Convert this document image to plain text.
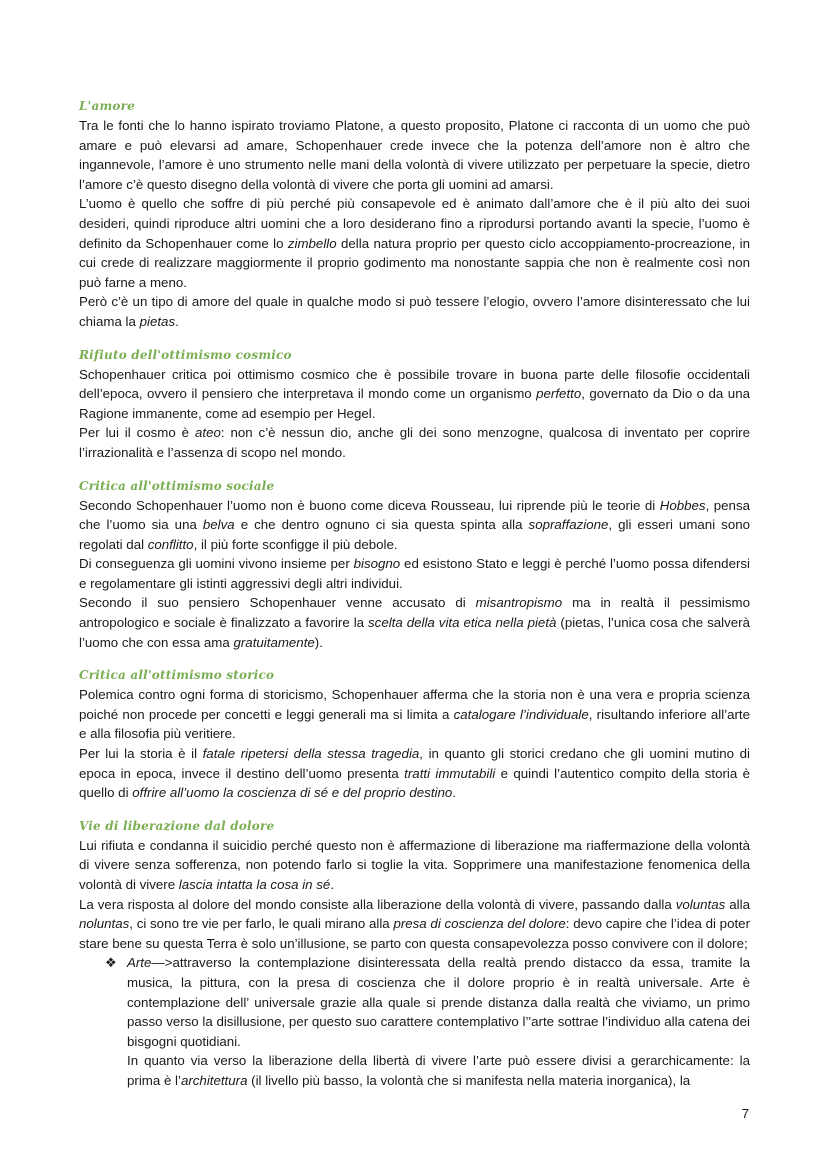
L'amore

Tra le fonti che lo hanno ispirato troviamo Platone, a questo proposito, Platone ci racconta di un uomo che può amare e può elevarsi ad amare, Schopenhauer crede invece che la potenza dell’amore non è altro che ingannevole, l’amore è uno strumento nelle mani della volontà di vivere utilizzato per perpetuare la specie, dietro l’amore c’è questo disegno della volontà di vivere che porta gli uomini ad amarsi.

L’uomo è quello che soffre di più perché più consapevole ed è animato dall’amore che è il più alto dei suoi desideri, quindi riproduce altri uomini che a loro desiderano fino a riprodursi portando avanti la specie, l’uomo è definito da Schopenhauer come lo zimbello della natura proprio per questo ciclo accoppiamento-procreazione, in cui crede di realizzare maggiormente il proprio godimento ma nonostante sappia che non è realmente così non può farne a meno.

Però c’è un tipo di amore del quale in qualche modo si può tessere l’elogio, ovvero l’amore disinteressato che lui chiama la pietas.

Rifiuto dell'ottimismo cosmico

Schopenhauer critica poi ottimismo cosmico che è possibile trovare in buona parte delle filosofie occidentali dell’epoca, ovvero il pensiero che interpretava il mondo come un organismo perfetto, governato da Dio o da una Ragione immanente, come ad esempio per Hegel.

Per lui il cosmo è ateo: non c’è nessun dio, anche gli dei sono menzogne, qualcosa di inventato per coprire l’irrazionalità e l’assenza di scopo nel mondo.

Critica all'ottimismo sociale

Secondo Schopenhauer l’uomo non è buono come diceva Rousseau, lui riprende più le teorie di Hobbes, pensa che l’uomo sia una belva e che dentro ognuno ci sia questa spinta alla sopraffazione, gli esseri umani sono regolati dal conflitto, il più forte sconfigge il più debole.

Di conseguenza gli uomini vivono insieme per bisogno ed esistono Stato e leggi è perché l’uomo possa difendersi e regolamentare gli istinti aggressivi degli altri individui.

Secondo il suo pensiero Schopenhauer venne accusato di misantropismo ma in realtà il pessimismo antropologico e sociale è finalizzato a favorire la scelta della vita etica nella pietà (pietas, l’unica cosa che salverà l’uomo che con essa ama gratuitamente).

Critica all'ottimismo storico

Polemica contro ogni forma di storicismo, Schopenhauer afferma che la storia non è una vera e propria scienza poiché non procede per concetti e leggi generali ma si limita a catalogare l’individuale, risultando inferiore all’arte e alla filosofia più veritiere.

Per lui la storia è il fatale ripetersi della stessa tragedia, in quanto gli storici credano che gli uomini mutino di epoca in epoca, invece il destino dell’uomo presenta tratti immutabili e quindi l’autentico compito della storia è quello di offrire all’uomo la coscienza di sé e del proprio destino.

Vie di liberazione dal dolore

Lui rifiuta e condanna il suicidio perché questo non è affermazione di liberazione ma riaffermazione della volontà di vivere senza sofferenza, non potendo farlo si toglie la vita. Sopprimere una manifestazione fenomenica della volontà di vivere lascia intatta la cosa in sé.

La vera risposta al dolore del mondo consiste alla liberazione della volontà di vivere, passando dalla voluntas alla noluntas, ci sono tre vie per farlo, le quali mirano alla presa di coscienza del dolore: devo capire che l’idea di poter stare bene su questa Terra è solo un’illusione, se parto con questa consapevolezza posso convivere con il dolore;

❖ Arte—>attraverso la contemplazione disinteressata della realtà prendo distacco da essa, tramite la musica, la pittura, con la presa di coscienza che il dolore proprio è in realtà universale. Arte è contemplazione dell’ universale grazie alla quale si prende distanza dalla realtà che viviamo, un primo passo verso la disillusione, per questo suo carattere contemplativo l’’arte sottrae l’individuo alla catena dei bisgogni quotidiani.

In quanto via verso la liberazione della libertà di vivere l’arte può essere divisi a gerarchicamente: la prima è l’architettura (il livello più basso, la volontà che si manifesta nella materia inorganica), la

7
